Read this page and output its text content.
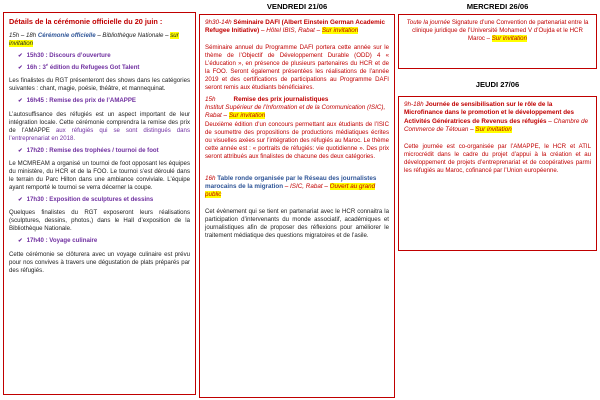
Détails de la cérémonie officielle du 20 juin :

15h – 18h Cérémonie officielle – Bibliothèque Nationale – sur invitation

✔ 15h30 : Discours d’ouverture
✔ 16h : $3^é$ édition du Refugees Got Talent

Les finalistes du RGT présenteront des shows dans les catégories suivantes : chant, magie, poésie, théâtre, et mannequinat.

✔ 16h45 : Remise des prix de l’AMAPPE

L’autosuffisance des réfugiés est un aspect important de leur intégration locale. Cette cérémonie comprendra la remise des prix de l’AMAPPE aux réfugiés qui se sont distingués dans l’entreprenariat en 2018.

✔ 17h20 : Remise des trophées / tournoi de foot

Le MCMREAM a organisé un tournoi de foot opposant les équipes du ministère, du HCR et de la FOO. Le tournoi s’est déroulé dans le terrain du Parc Hilton dans une ambiance conviviale. L’équipe ayant remporté le tournoi se verra décerner la coupe.

✔ 17h30 : Exposition de sculptures et dessins

Quelques finalistes du RGT exposeront leurs réalisations (sculptures, dessins, photos,) dans le Hall d’exposition de la Bibliothèque Nationale.

✔ 17h40 : Voyage culinaire

Cette cérémonie se clôturera avec un voyage culinaire est prévu pour nos convives à travers une dégustation de plats préparés par des réfugiés.

VENDREDI 21/06
9h30-14h Séminaire DAFI (Albert Einstein German Academic Refugee Initiative) – Hôtel IBIS, Rabat – Sur invitation

Séminaire annuel du Programme DAFI portera cette année sur le thème de l’Objectif de Développement Durable (ODD) 4 « L’éducation », en présence de plusieurs partenaires du HCR et de la FOO. Seront également présentées les réalisations de l’année 2019 et des certifications de participations au Programme DAFI seront remis aux étudiants bénéficiaires.

15h	Remise des prix journalistiques
Institut Supérieur de l’Information et de la Communication (ISIC), Rabat – Sur invitation

Deuxième édition d’un concours permettant aux étudiants de l’ISIC de soumettre des propositions de productions médiatiques écrites ou visuelles axées sur l’intégration des réfugiés au Maroc. Le thème cette année est : « portraits de réfugiés: vie quotidienne ». Des prix seront attribués aux finalistes de chacune des deux catégories.

16h Table ronde organisée par le Réseau des journalistes marocains de la migration – ISIC, Rabat – Ouvert au grand public

Cet évènement qui se tient en partenariat avec le HCR connaitra la participation d’intervenants du monde associatif, académiques et journalistiques afin de proposer des réflexions pour améliorer le traitement médiatique des questions migratoires et de l’asile.

MERCREDI 26/06
Toute la journée Signature d’une Convention de partenariat entre la clinique juridique de l’Université Mohamed V d’Oujda et le HCR Maroc – Sur invitation
JEUDI 27/06
9h-18h Journée de sensibilisation sur le rôle de la Microfinance dans le promotion et le développement des Activités Génératrices de Revenus des réfugiés – Chambre de Commerce de Tétouan – Sur invitation

Cette journée est co-organisée par l’AMAPPE, le HCR et ATIL microcrédit dans le cadre du projet d’appui à la création et au développement de projets d’entreprenariat et de coopératives parmi les réfugiés au Maroc, cofinancé par l’Union européenne.
